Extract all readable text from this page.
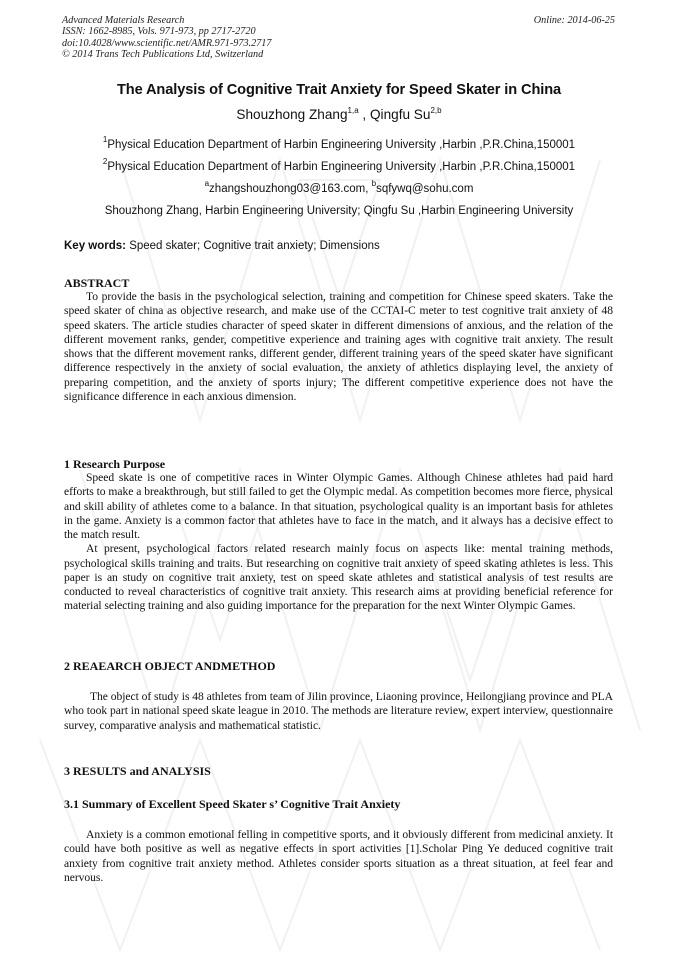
Advanced Materials Research
ISSN: 1662-8985, Vols. 971-973, pp 2717-2720
doi:10.4028/www.scientific.net/AMR.971-973.2717
© 2014 Trans Tech Publications Ltd, Switzerland
Online: 2014-06-25
The Analysis of Cognitive Trait Anxiety for Speed Skater in China
Shouzhong Zhang$^{1,a}$ , Qingfu Su$^{2,b}$
$^1$Physical Education Department of Harbin Engineering University ,Harbin ,P.R.China,150001
$^2$Physical Education Department of Harbin Engineering University ,Harbin ,P.R.China,150001
$^a$zhangshouzhong03@163.com, $^b$sqfywq@sohu.com
Shouzhong Zhang, Harbin Engineering University; Qingfu Su ,Harbin Engineering University
Key words: Speed skater; Cognitive trait anxiety; Dimensions
ABSTRACT

To provide the basis in the psychological selection, training and competition for Chinese speed skaters. Take the speed skater of china as objective research, and make use of the CCTAI-C meter to test cognitive trait anxiety of 48 speed skaters. The article studies character of speed skater in different dimensions of anxious, and the relation of the different movement ranks, gender, competitive experience and training ages with cognitive trait anxiety. The result shows that the different movement ranks, different gender, different training years of the speed skater have significant difference respectively in the anxiety of social evaluation, the anxiety of athletics displaying level, the anxiety of preparing competition, and the anxiety of sports injury; The different competitive experience does not have the significance difference in each anxious dimension.

1 Research Purpose

Speed skate is one of competitive races in Winter Olympic Games. Although Chinese athletes had paid hard efforts to make a breakthrough, but still failed to get the Olympic medal. As competition becomes more fierce, physical and skill ability of athletes come to a balance. In that situation, psychological quality is an important basis for athletes in the game. Anxiety is a common factor that athletes have to face in the match, and it always has a decisive effect to the match result.

At present, psychological factors related research mainly focus on aspects like: mental training methods, psychological skills training and traits. But researching on cognitive trait anxiety of speed skating athletes is less. This paper is an study on cognitive trait anxiety, test on speed skate athletes and statistical analysis of test results are conducted to reveal characteristics of cognitive trait anxiety. This research aims at providing beneficial reference for material selecting training and also guiding importance for the preparation for the next Winter Olympic Games.

2 REAEARCH OBJECT ANDMETHOD

The object of study is 48 athletes from team of Jilin province, Liaoning province, Heilongjiang province and PLA who took part in national speed skate league in 2010. The methods are literature review, expert interview, questionnaire survey, comparative analysis and mathematical statistic.

3 RESULTS and ANALYSIS
3.1 Summary of Excellent Speed Skater s’ Cognitive Trait Anxiety

Anxiety is a common emotional felling in competitive sports, and it obviously different from medicinal anxiety. It could have both positive as well as negative effects in sport activities [1].Scholar Ping Ye deduced cognitive trait anxiety from cognitive trait anxiety method. Athletes consider sports situation as a threat situation, at feel fear and nervous.
